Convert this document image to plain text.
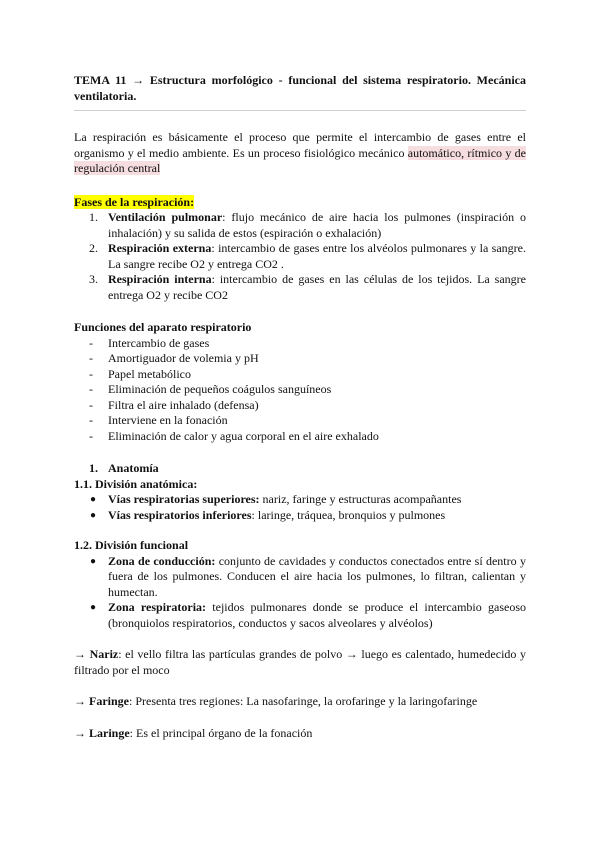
TEMA 11 → Estructura morfológico - funcional del sistema respiratorio. Mecánica ventilatoria.

La respiración es básicamente el proceso que permite el intercambio de gases entre el organismo y el medio ambiente. Es un proceso fisiológico mecánico automático, rítmico y de regulación central

Fases de la respiración:
1. Ventilación pulmonar: flujo mecánico de aire hacia los pulmones (inspiración o inhalación) y su salida de estos (espiración o exhalación)
2. Respiración externa: intercambio de gases entre los alvéolos pulmonares y la sangre. La sangre recibe O2 y entrega CO2 .
3. Respiración interna: intercambio de gases en las células de los tejidos. La sangre entrega O2 y recibe CO2
Funciones del aparato respiratorio
- Intercambio de gases
- Amortiguador de volemia y pH
- Papel metabólico
- Eliminación de pequeños coágulos sanguíneos
- Filtra el aire inhalado (defensa)
- Interviene en la fonación
- Eliminación de calor y agua corporal en el aire exhalado
1. Anatomía
1.1. División anatómica:
● Vías respiratorias superiores: nariz, faringe y estructuras acompañantes
● Vías respiratorios inferiores: laringe, tráquea, bronquios y pulmones
1.2. División funcional
● Zona de conducción: conjunto de cavidades y conductos conectados entre sí dentro y fuera de los pulmones. Conducen el aire hacia los pulmones, lo filtran, calientan y humectan.
● Zona respiratoria: tejidos pulmonares donde se produce el intercambio gaseoso (bronquiolos respiratorios, conductos y sacos alveolares y alvéolos)

→ Nariz: el vello filtra las partículas grandes de polvo → luego es calentado, humedecido y filtrado por el moco

→ Faringe: Presenta tres regiones: La nasofaringe, la orofaringe y la laringofaringe

→ Laringe: Es el principal órgano de la fonación
